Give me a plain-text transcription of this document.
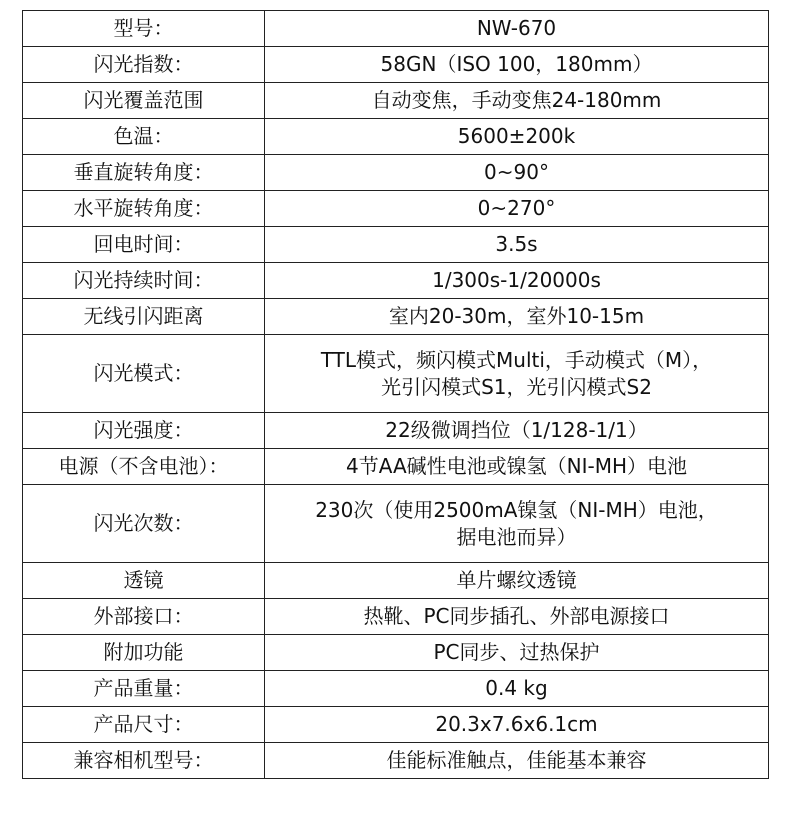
型号：	NW-670
闪光指数：	58GN（ISO 100，180mm）
闪光覆盖范围	自动变焦，手动变焦24-180mm
色温：	5600±200k
垂直旋转角度：	0~90°
水平旋转角度：	0~270°
回电时间：	3.5s
闪光持续时间：	1/300s-1/20000s
无线引闪距离	室内20-30m，室外10-15m
闪光模式：	TTL模式，频闪模式Multi，手动模式（M），
光引闪模式S1，光引闪模式S2
闪光强度：	22级微调挡位（1/128-1/1）
电源（不含电池）：	4节AA碱性电池或镍氢（NI-MH）电池
闪光次数：	230次（使用2500mA镍氢（NI-MH）电池，
据电池而异）
透镜	单片螺纹透镜
外部接口：	热靴、PC同步插孔、外部电源接口
附加功能	PC同步、过热保护
产品重量：	0.4 kg
产品尺寸：	20.3x7.6x6.1cm
兼容相机型号：	佳能标准触点，佳能基本兼容
